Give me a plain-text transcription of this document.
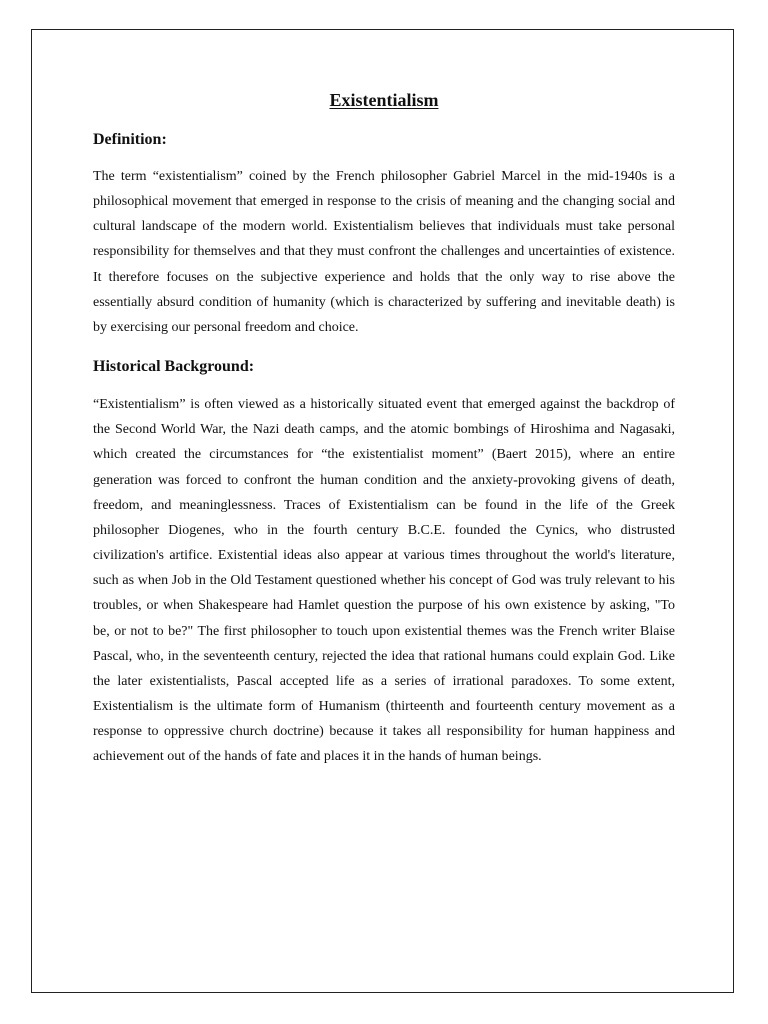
Existentialism
Definition:

The term “existentialism” coined by the French philosopher Gabriel Marcel in the mid-1940s is a philosophical movement that emerged in response to the crisis of meaning and the changing social and cultural landscape of the modern world. Existentialism believes that individuals must take personal responsibility for themselves and that they must confront the challenges and uncertainties of existence. It therefore focuses on the subjective experience and holds that the only way to rise above the essentially absurd condition of humanity (which is characterized by suffering and inevitable death) is by exercising our personal freedom and choice.

Historical Background:

“Existentialism” is often viewed as a historically situated event that emerged against the backdrop of the Second World War, the Nazi death camps, and the atomic bombings of Hiroshima and Nagasaki, which created the circumstances for “the existentialist moment” (Baert 2015), where an entire generation was forced to confront the human condition and the anxiety-provoking givens of death, freedom, and meaninglessness. Traces of Existentialism can be found in the life of the Greek philosopher Diogenes, who in the fourth century B.C.E. founded the Cynics, who distrusted civilization's artifice. Existential ideas also appear at various times throughout the world's literature, such as when Job in the Old Testament questioned whether his concept of God was truly relevant to his troubles, or when Shakespeare had Hamlet question the purpose of his own existence by asking, "To be, or not to be?" The first philosopher to touch upon existential themes was the French writer Blaise Pascal, who, in the seventeenth century, rejected the idea that rational humans could explain God. Like the later existentialists, Pascal accepted life as a series of irrational paradoxes. To some extent, Existentialism is the ultimate form of Humanism (thirteenth and fourteenth century movement as a response to oppressive church doctrine) because it takes all responsibility for human happiness and achievement out of the hands of fate and places it in the hands of human beings.
